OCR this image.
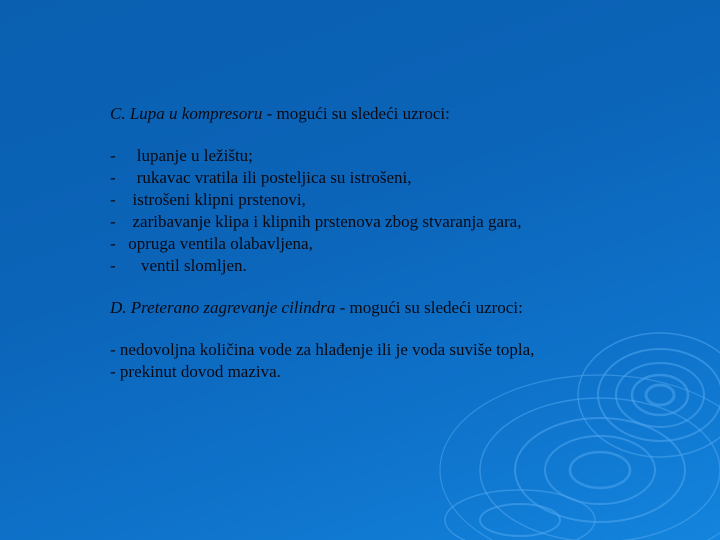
C. Lupa u kompresoru - mogući su sledeći uzroci:
-   lupanje u ležištu;
-   rukavac vratila ili posteljica su istrošeni,
-  istrošeni klipni prstenovi,
-  zaribavanje klipa i klipnih prstenova zbog stvaranja gara,
- opruga ventila olabavljena,
-    ventil slomljen.
D. Preterano zagrevanje cilindra - mogući su sledeći uzroci:

- nedovoljna količina vode za hlađenje ili je voda suviše topla,

- prekinut dovod maziva.
